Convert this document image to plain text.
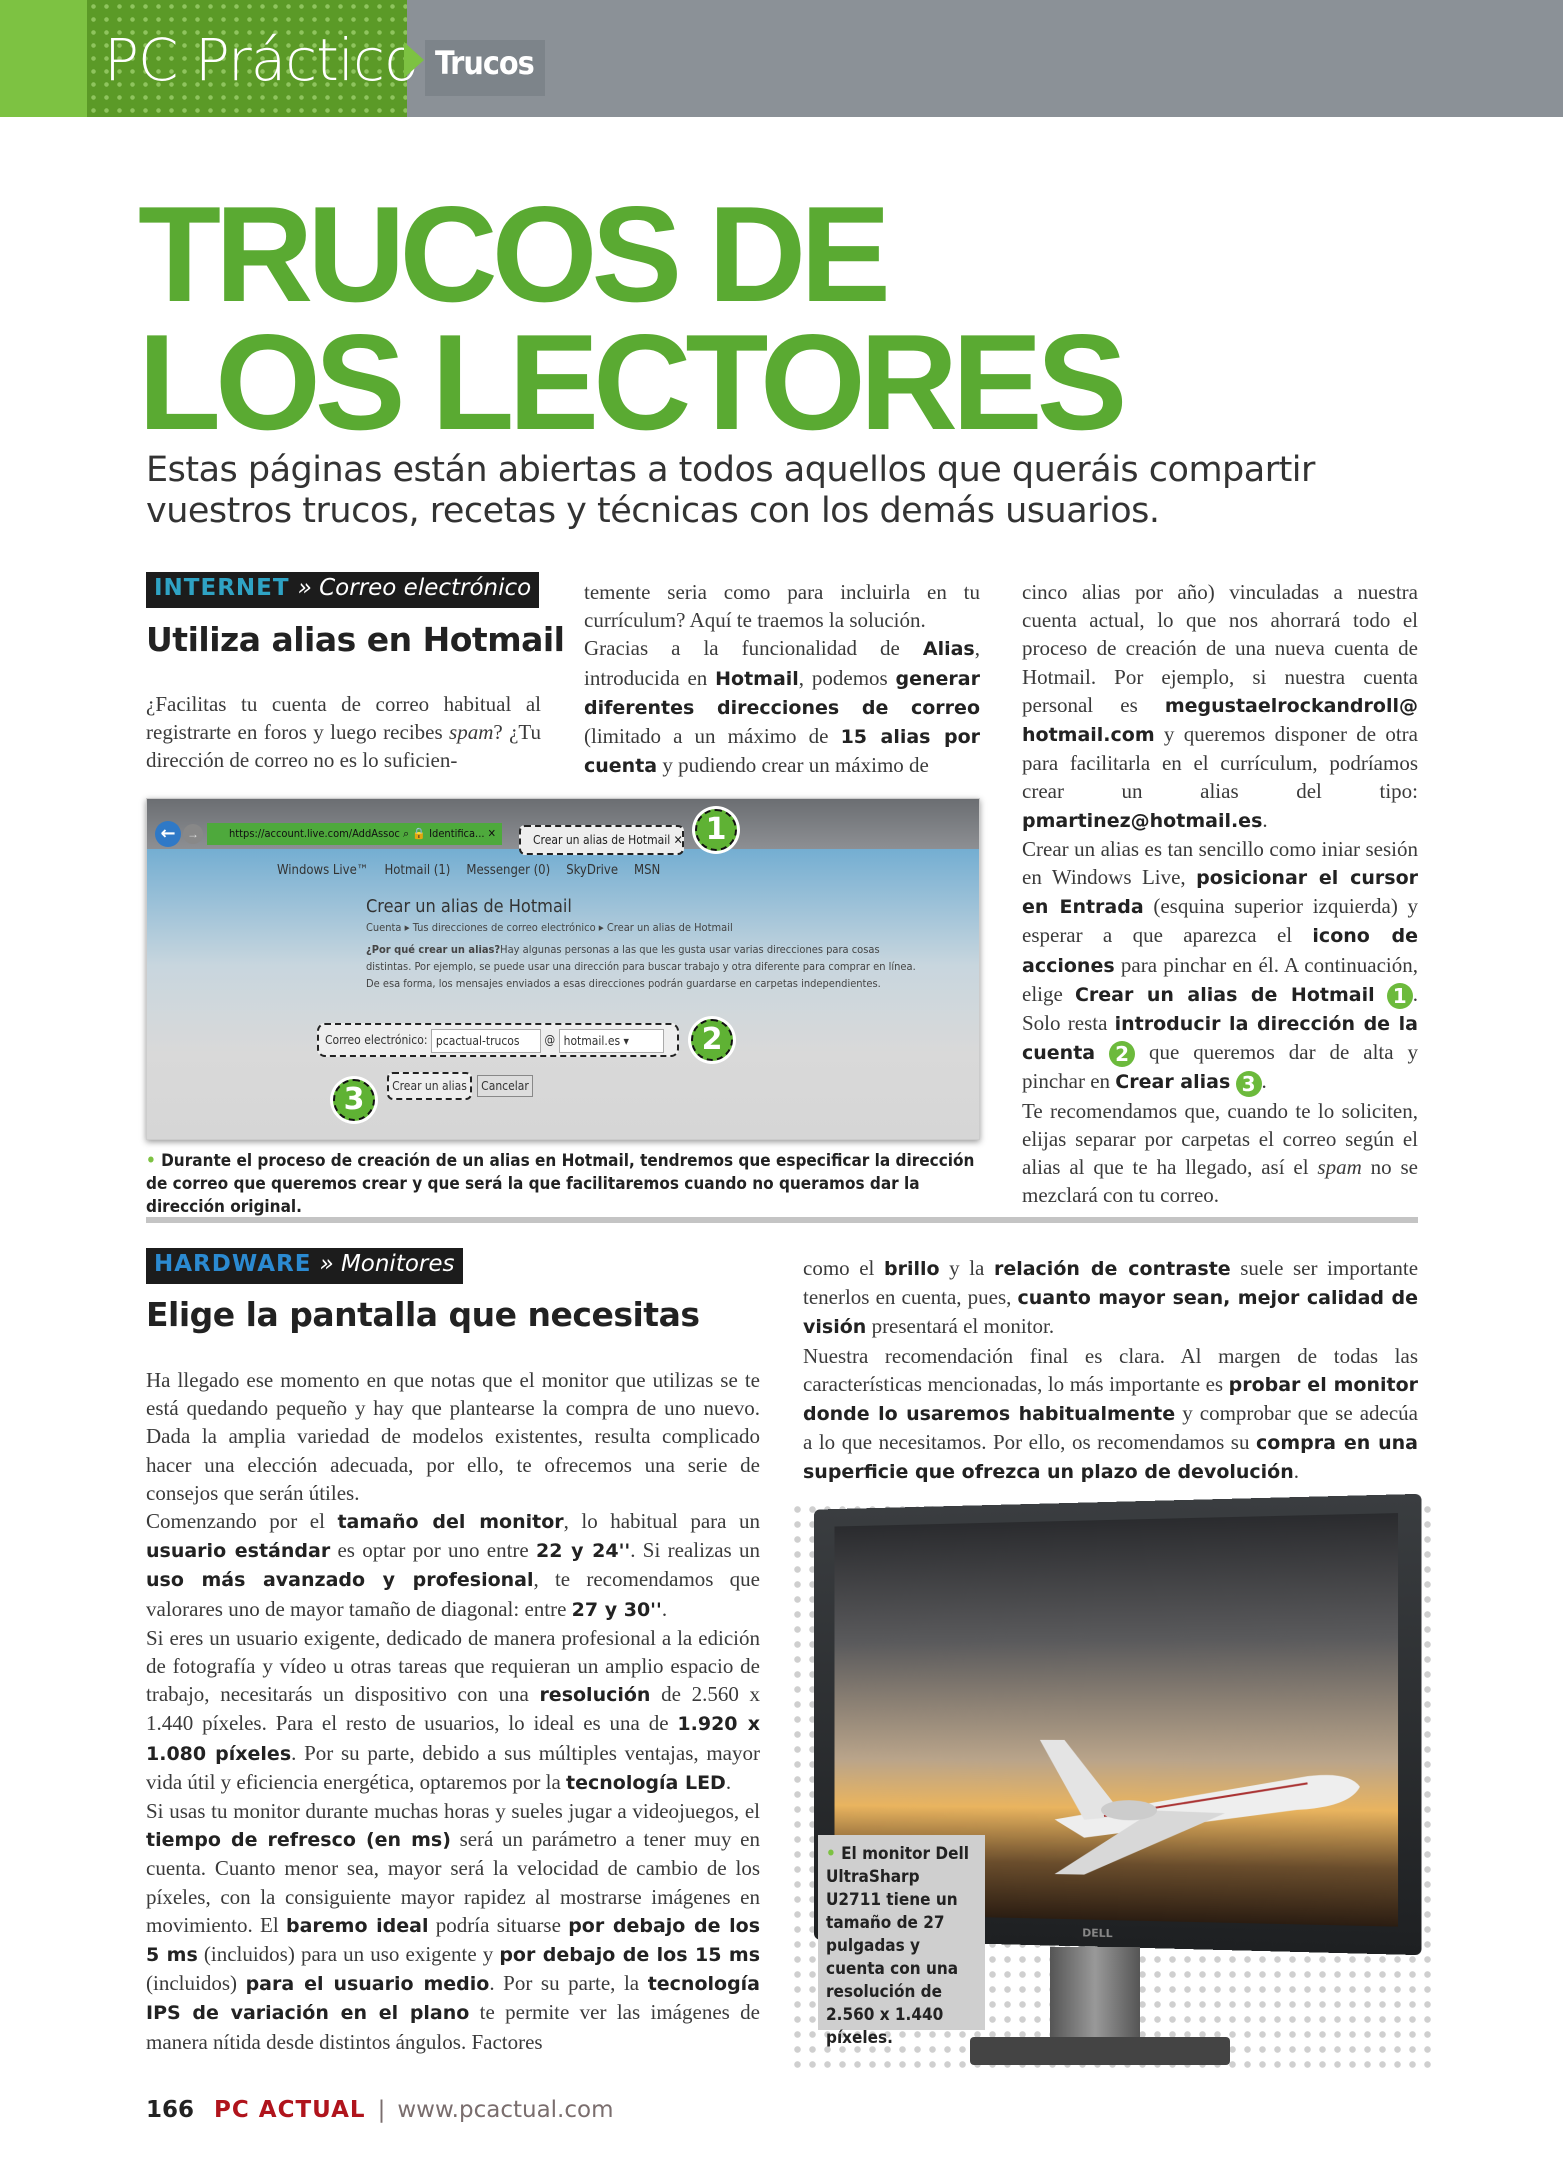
PC Práctico Trucos
TRUCOS DE
LOS LECTORES
Estas páginas están abiertas a todos aquellos que queráis compartir vuestros trucos, recetas y técnicas con los demás usuarios.
INTERNET » Correo electrónico
Utiliza alias en Hotmail

¿Facilitas tu cuenta de correo habitual al registrarte en foros y luego recibes spam? ¿Tu dirección de correo no es lo suficien-

temente seria como para incluirla en tu currículum? Aquí te traemos la solución.

Gracias a la funcionalidad de Alias, introducida en Hotmail, podemos generar diferentes direcciones de correo (limitado a un máximo de 15 alias por cuenta y pudiendo crear un máximo de

cinco alias por año) vinculadas a nuestra cuenta actual, lo que nos ahorrará todo el proceso de creación de una nueva cuenta de Hotmail. Por ejemplo, si nuestra cuenta personal es megustaelrockandroll@ hotmail.com y queremos disponer de otra para facilitarla en el currículum, podríamos crear un alias del tipo: pmartinez@hotmail.es.

Crear un alias es tan sencillo como iniar sesión en Windows Live, posicionar el cursor en Entrada (esquina superior izquierda) y esperar a que aparezca el icono de acciones para pinchar en él. A continuación, elige Crear un alias de Hotmail 1 . Solo resta introducir la dirección de la cuenta 2 que queremos dar de alta y pinchar en Crear alias 3 .

Te recomendamos que, cuando te lo soliciten, elijas separar por carpetas el correo según el alias al que te ha llegado, así el spam no se mezclará con tu correo.

← →	https://account.live.com/AddAssoc ⌕ 🔒 Identifica... ✕	Crear un alias de Hotmail ✕
Windows Live™ Hotmail (1) Messenger (0) SkyDrive MSN
Crear un alias de Hotmail
Cuenta ▸ Tus direcciones de correo electrónico ▸ Crear un alias de Hotmail
¿Por qué crear un alias?Hay algunas personas a las que les gusta usar varias direcciones para cosas distintas. Por ejemplo, se puede usar una dirección para buscar trabajo y otra diferente para comprar en línea. De esa forma, los mensajes enviados a esas direcciones podrán guardarse en carpetas independientes.
Correo electrónico: pcactual-trucos @ hotmail.es ▾
Crear un alias	Cancelar
1
2
3
• Durante el proceso de creación de un alias en Hotmail, tendremos que especificar la dirección de correo que queremos crear y que será la que facilitaremos cuando no queramos dar la dirección original.
HARDWARE » Monitores
Elige la pantalla que necesitas

Ha llegado ese momento en que notas que el monitor que utilizas se te está quedando pequeño y hay que plantearse la compra de uno nuevo. Dada la amplia variedad de modelos existentes, resulta complicado hacer una elección adecuada, por ello, te ofrecemos una serie de consejos que serán útiles.

Comenzando por el tamaño del monitor, lo habitual para un usuario estándar es optar por uno entre 22 y 24''. Si realizas un uso más avanzado y profesional, te recomendamos que valorares uno de mayor tamaño de diagonal: entre 27 y 30''.

Si eres un usuario exigente, dedicado de manera profesional a la edición de fotografía y vídeo u otras tareas que requieran un amplio espacio de trabajo, necesitarás un dispositivo con una resolución de 2.560 x 1.440 píxeles. Para el resto de usuarios, lo ideal es una de 1.920 x 1.080 píxeles. Por su parte, debido a sus múltiples ventajas, mayor vida útil y eficiencia energética, optaremos por la tecnología LED.

Si usas tu monitor durante muchas horas y sueles jugar a videojuegos, el tiempo de refresco (en ms) será un parámetro a tener muy en cuenta. Cuanto menor sea, mayor será la velocidad de cambio de los píxeles, con la consiguiente mayor rapidez al mostrarse imágenes en movimiento. El baremo ideal podría situarse por debajo de los 5 ms (incluidos) para un uso exigente y por debajo de los 15 ms (incluidos) para el usuario medio. Por su parte, la tecnología IPS de variación en el plano te permite ver las imágenes de manera nítida desde distintos ángulos. Factores

como el brillo y la relación de contraste suele ser importante tenerlos en cuenta, pues, cuanto mayor sean, mejor calidad de visión presentará el monitor.

Nuestra recomendación final es clara. Al margen de todas las características mencionadas, lo más importante es probar el monitor donde lo usaremos habitualmente y comprobar que se adecúa a lo que necesitamos. Por ello, os recomendamos su compra en una superficie que ofrezca un plazo de devolución.

DELL
• El monitor Dell UltraSharp U2711 tiene un tamaño de 27 pulgadas y cuenta con una resolución de 2.560 x 1.440 píxeles.
166 PC ACTUAL | www.pcactual.com
